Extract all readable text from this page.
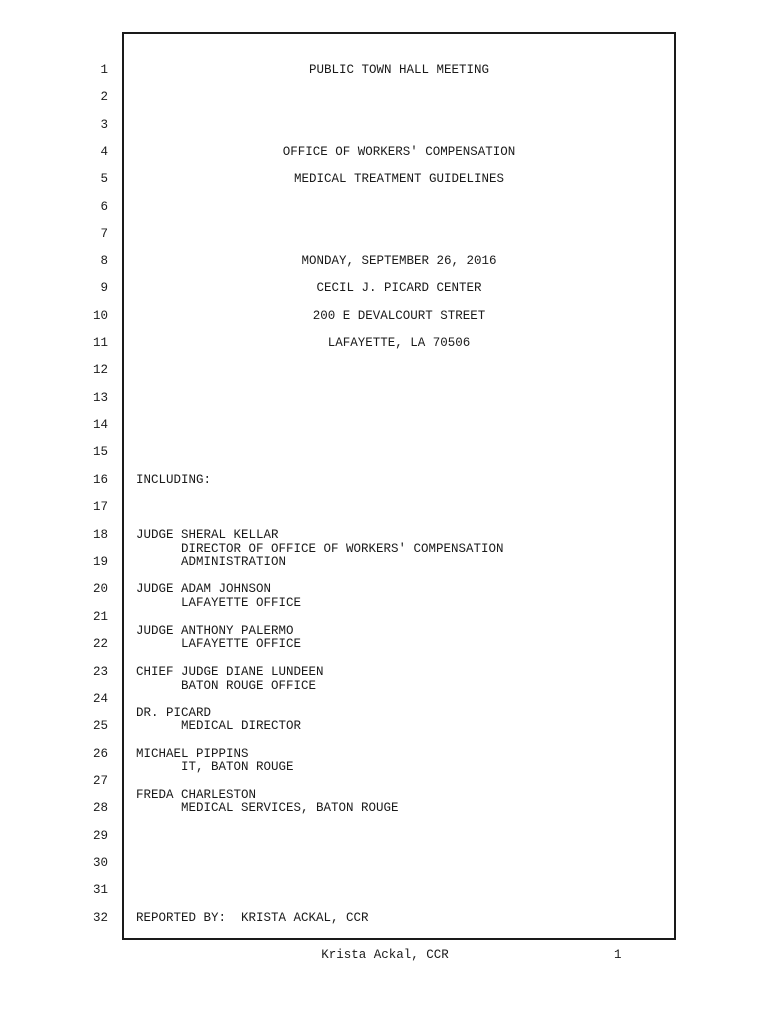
1
2
3
4
5
6
7
8
9
10
11
12
13
14
15
16
17
18
19
20
21
22
23
24
25
26
27
28
29
30
31
32
PUBLIC TOWN HALL MEETING
OFFICE OF WORKERS' COMPENSATION
MEDICAL TREATMENT GUIDELINES
MONDAY, SEPTEMBER 26, 2016
CECIL J. PICARD CENTER
200 E DEVALCOURT STREET
LAFAYETTE, LA 70506
INCLUDING:
JUDGE SHERAL KELLAR
DIRECTOR OF OFFICE OF WORKERS' COMPENSATION
ADMINISTRATION
JUDGE ADAM JOHNSON
LAFAYETTE OFFICE
JUDGE ANTHONY PALERMO
LAFAYETTE OFFICE
CHIEF JUDGE DIANE LUNDEEN
BATON ROUGE OFFICE
DR. PICARD
MEDICAL DIRECTOR
MICHAEL PIPPINS
IT, BATON ROUGE
FREDA CHARLESTON
MEDICAL SERVICES, BATON ROUGE
REPORTED BY:  KRISTA ACKAL, CCR
Krista Ackal, CCR	1
